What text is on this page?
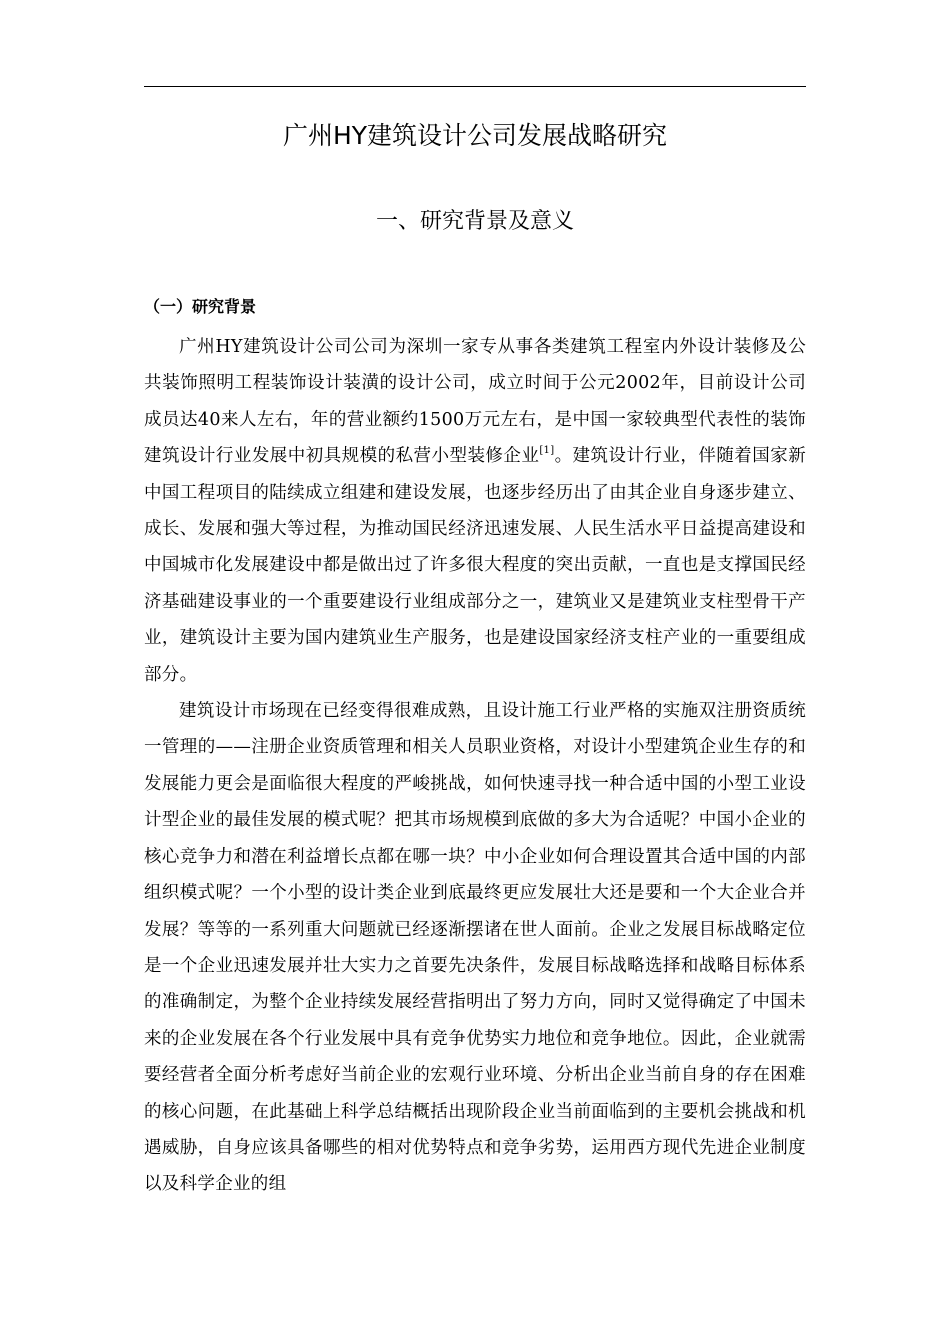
广州HY建筑设计公司发展战略研究
一、研究背景及意义
（一）研究背景

广州HY建筑设计公司公司为深圳一家专从事各类建筑工程室内外设计装修及公共装饰照明工程装饰设计装潢的设计公司，成立时间于公元2002年，目前设计公司成员达40来人左右，年的营业额约1500万元左右，是中国一家较典型代表性的装饰建筑设计行业发展中初具规模的私营小型装修企业[1]。建筑设计行业，伴随着国家新中国工程项目的陆续成立组建和建设发展，也逐步经历出了由其企业自身逐步建立、成长、发展和强大等过程，为推动国民经济迅速发展、人民生活水平日益提高建设和中国城市化发展建设中都是做出过了许多很大程度的突出贡献，一直也是支撑国民经济基础建设事业的一个重要建设行业组成部分之一，建筑业又是建筑业支柱型骨干产业，建筑设计主要为国内建筑业生产服务，也是建设国家经济支柱产业的一重要组成部分。

建筑设计市场现在已经变得很难成熟，且设计施工行业严格的实施双注册资质统一管理的——注册企业资质管理和相关人员职业资格，对设计小型建筑企业生存的和发展能力更会是面临很大程度的严峻挑战，如何快速寻找一种合适中国的小型工业设计型企业的最佳发展的模式呢？把其市场规模到底做的多大为合适呢？中国小企业的核心竞争力和潜在利益增长点都在哪一块？中小企业如何合理设置其合适中国的内部组织模式呢？一个小型的设计类企业到底最终更应发展壮大还是要和一个大企业合并发展？等等的一系列重大问题就已经逐渐摆诸在世人面前。企业之发展目标战略定位是一个企业迅速发展并壮大实力之首要先决条件，发展目标战略选择和战略目标体系的准确制定，为整个企业持续发展经营指明出了努力方向，同时又觉得确定了中国未来的企业发展在各个行业发展中具有竞争优势实力地位和竞争地位。因此，企业就需要经营者全面分析考虑好当前企业的宏观行业环境、分析出企业当前自身的存在困难的核心问题，在此基础上科学总结概括出现阶段企业当前面临到的主要机会挑战和机遇威胁，自身应该具备哪些的相对优势特点和竞争劣势，运用西方现代先进企业制度以及科学企业的组
